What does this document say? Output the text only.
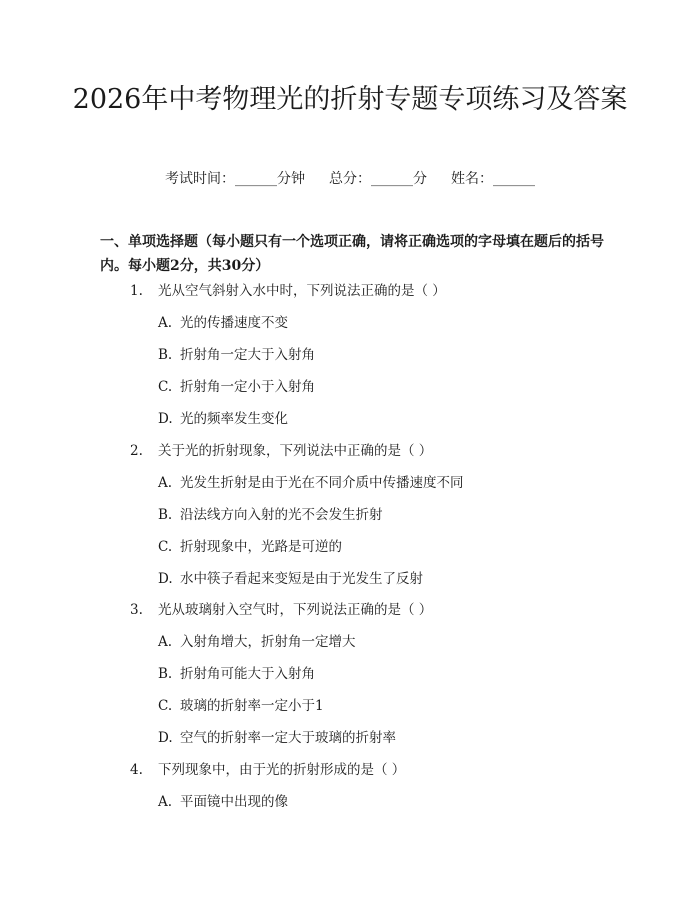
2026年中考物理光的折射专题专项练习及答案
考试时间：______分钟 总分：______分 姓名：______

一、单项选择题（每小题只有一个选项正确，请将正确选项的字母填在题后的括号内。每小题2分，共30分）

1. 光从空气斜射入水中时，下列说法正确的是（ ）
A. 光的传播速度不变
B. 折射角一定大于入射角
C. 折射角一定小于入射角
D. 光的频率发生变化
2. 关于光的折射现象，下列说法中正确的是（ ）
A. 光发生折射是由于光在不同介质中传播速度不同
B. 沿法线方向入射的光不会发生折射
C. 折射现象中，光路是可逆的
D. 水中筷子看起来变短是由于光发生了反射
3. 光从玻璃射入空气时，下列说法正确的是（ ）
A. 入射角增大，折射角一定增大
B. 折射角可能大于入射角
C. 玻璃的折射率一定小于1
D. 空气的折射率一定大于玻璃的折射率
4. 下列现象中，由于光的折射形成的是（ ）
A. 平面镜中出现的像
